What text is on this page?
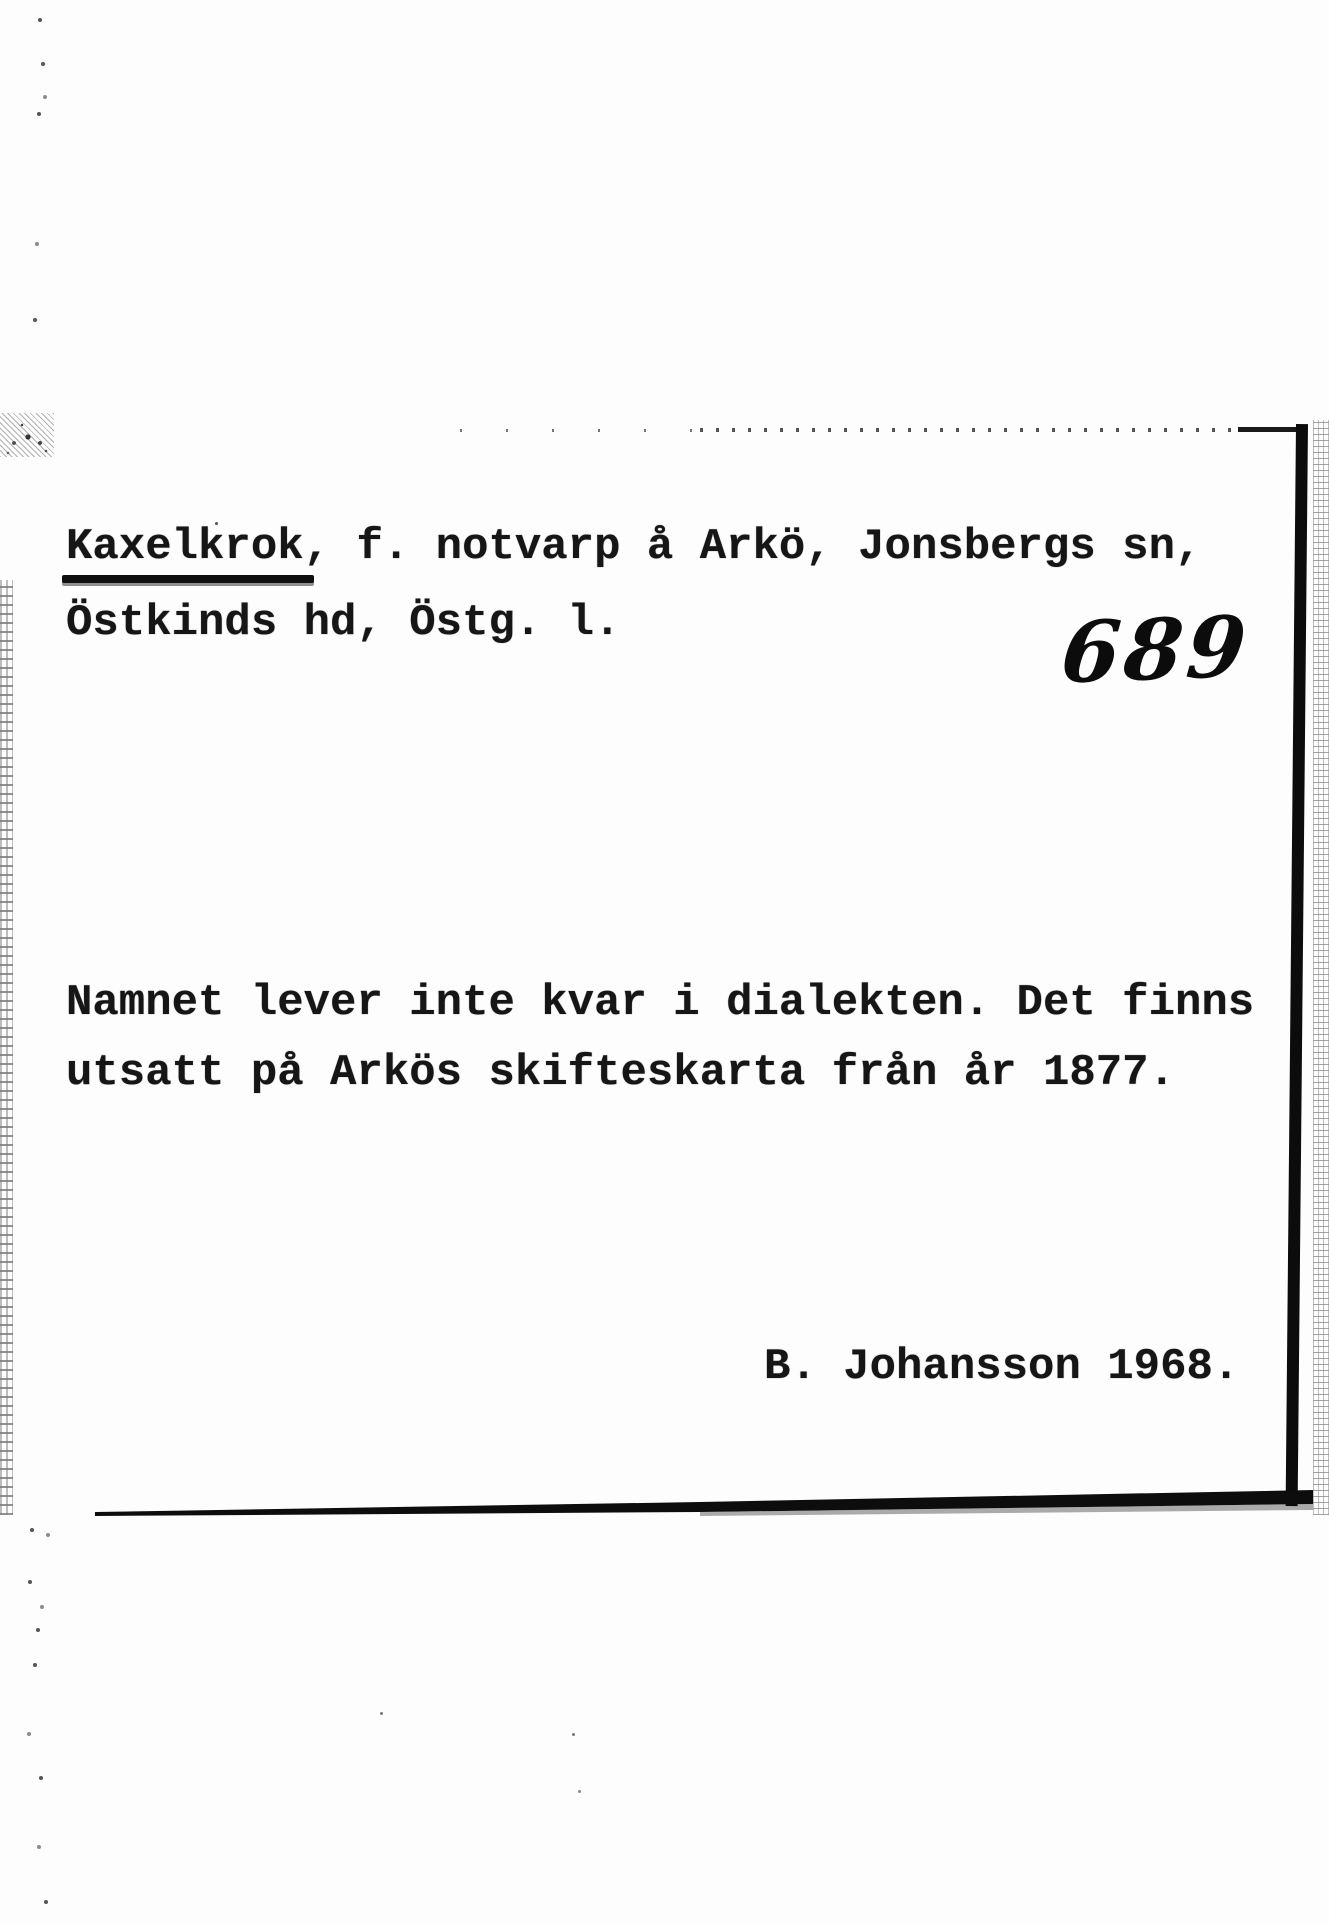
Kaxelkrok, f. notvarp å Arkö, Jonsbergs sn,
Östkinds hd, Östg. l.	689
Namnet lever inte kvar i dialekten. Det finns
utsatt på Arkös skifteskarta från år 1877.
B. Johansson 1968.
